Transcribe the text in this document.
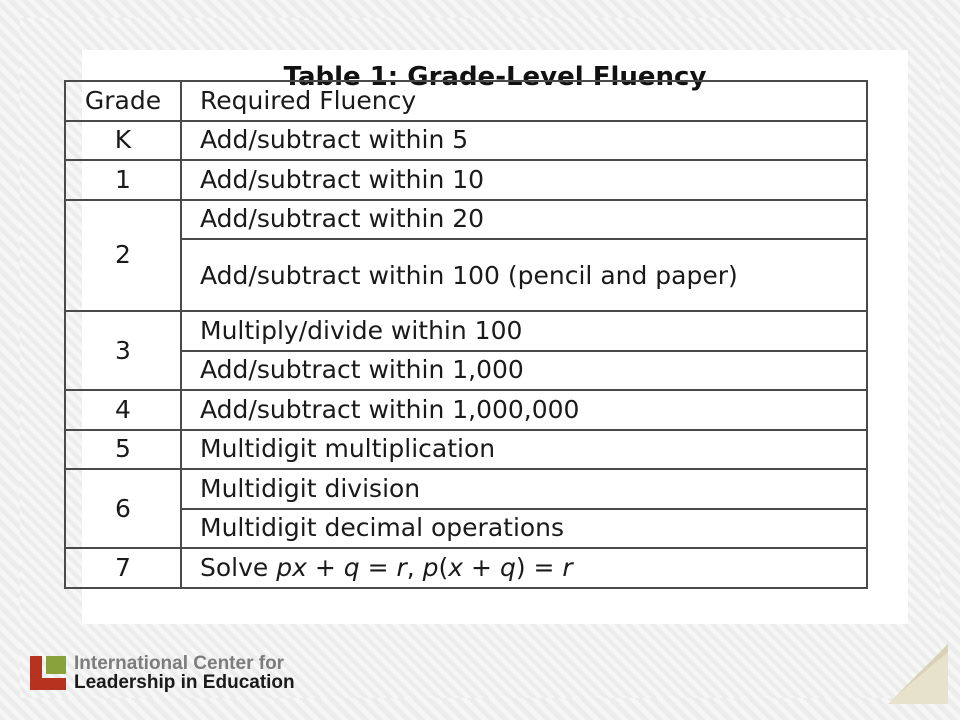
Table 1: Grade-Level Fluency
Grade	Required Fluency
K	Add/subtract within 5
1	Add/subtract within 10
2	Add/subtract within 20
	Add/subtract within 100 (pencil and paper)
3	Multiply/divide within 100
	Add/subtract within 1,000
4	Add/subtract within 1,000,000
5	Multidigit multiplication
6	Multidigit division
	Multidigit decimal operations
7	Solve px + q = r, p(x + q) = r
International Center for
Leadership in Education
